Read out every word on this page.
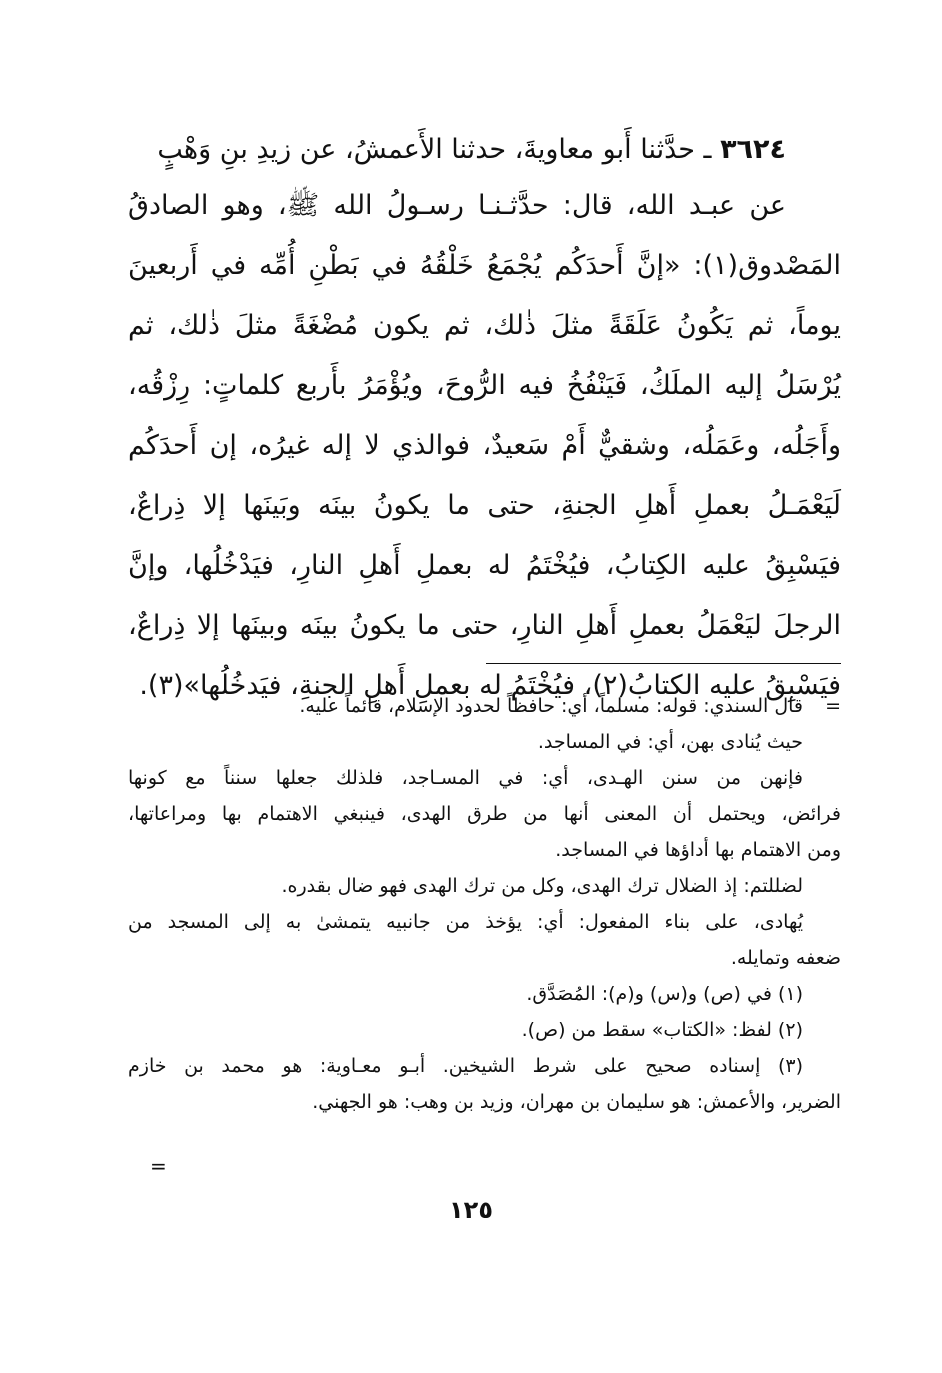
٣٦٢٤ ـ حدَّثنا أَبو معاويةَ، حدثنا الأَعمشُ، عن زيدِ بنِ وَهْبٍ

عن عبـد الله، قال: حدَّثـنـا رسـولُ الله ﷺ، وهو الصادقُ

المَصْدوق(١): «إنَّ أَحدَكُم يُجْمَعُ خَلْقُهُ في بَطْنِ أُمِّه في أَربعينَ

يوماً، ثم يَكُونُ عَلَقَةً مثلَ ذٰلك، ثم يكون مُضْغَةً مثلَ ذٰلك، ثم

يُرْسَلُ إليه الملَكُ، فَيَنْفُخُ فيه الرُّوحَ، ويُؤْمَرُ بأَربع كلماتٍ: رِزْقُه،

وأَجَلُه، وعَمَلُه، وشقيٌّ أَمْ سَعيدٌ، فوالذي لا إله غيرُه، إن أَحدَكُم

لَيَعْمَـلُ بعملِ أَهلِ الجنةِ، حتى ما يكونُ بينَه وبَينَها إلا ذِراعٌ،

فيَسْبِقُ عليه الكِتابُ، فيُخْتَمُ له بعملِ أَهلِ النارِ، فيَدْخُلُها، وإنَّ

الرجلَ ليَعْمَلُ بعملِ أَهلِ النارِ، حتى ما يكونُ بينَه وبينَها إلا ذِراعٌ،

فيَسْبِقُ عليه الكتابُ(٢)، فيُخْتَمُ له بعملِ أَهلِ الجنةِ، فيَدخُلُها»(٣).

=قال السندي: قوله: مسلماً، أي: حافظاً لحدود الإسلام، قائماً عليه.

حيث يُنادى بهن، أي: في المساجد.

فإنهن من سنن الهـدى، أي: في المسـاجد، فلذلك جعلها سنناً مع كونها

فرائض، ويحتمل أن المعنى أنها من طرق الهدى، فينبغي الاهتمام بها ومراعاتها،

ومن الاهتمام بها أداؤها في المساجد.

لضللتم: إذ الضلال ترك الهدى، وكل من ترك الهدى فهو ضال بقدره.

يُهادى، على بناء المفعول: أي: يؤخذ من جانبيه يتمشىٰ به إلى المسجد من

ضعفه وتمايله.

(١) في (ص) و(س) و(م): المُصَدَّق.

(٢) لفظ: «الكتاب» سقط من (ص).

(٣) إسناده صحيح على شرط الشيخين. أبـو معـاوية: هو محمد بن خازم

الضرير، والأعمش: هو سليمان بن مهران، وزيد بن وهب: هو الجهني.

=
١٢٥
